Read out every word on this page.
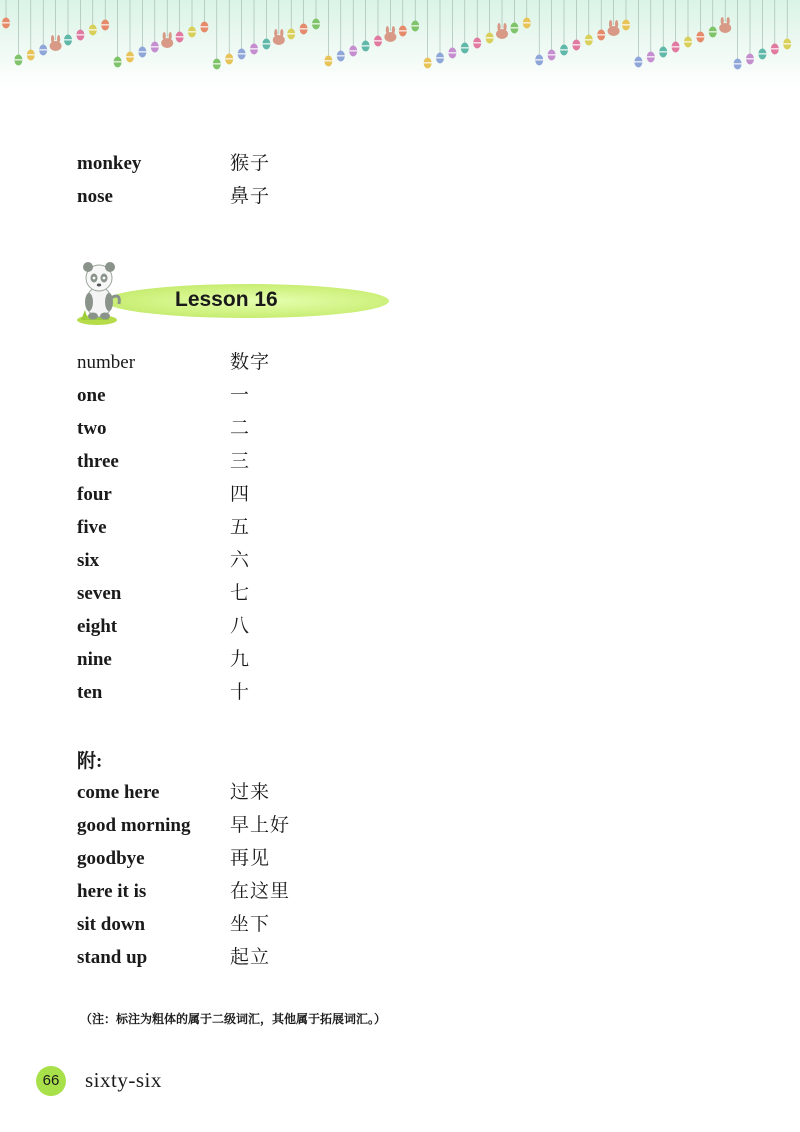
monkey	猴子
nose	鼻子
Lesson 16
number	数字
one	一
two	二
three	三
four	四
five	五
six	六
seven	七
eight	八
nine	九
ten	十
附:
come here	过来
good morning 早上好
goodbye	再见
here it is	在这里
sit down	坐下
stand up	起立
（注：标注为粗体的属于二级词汇，其他属于拓展词汇。）
66	sixty-six
